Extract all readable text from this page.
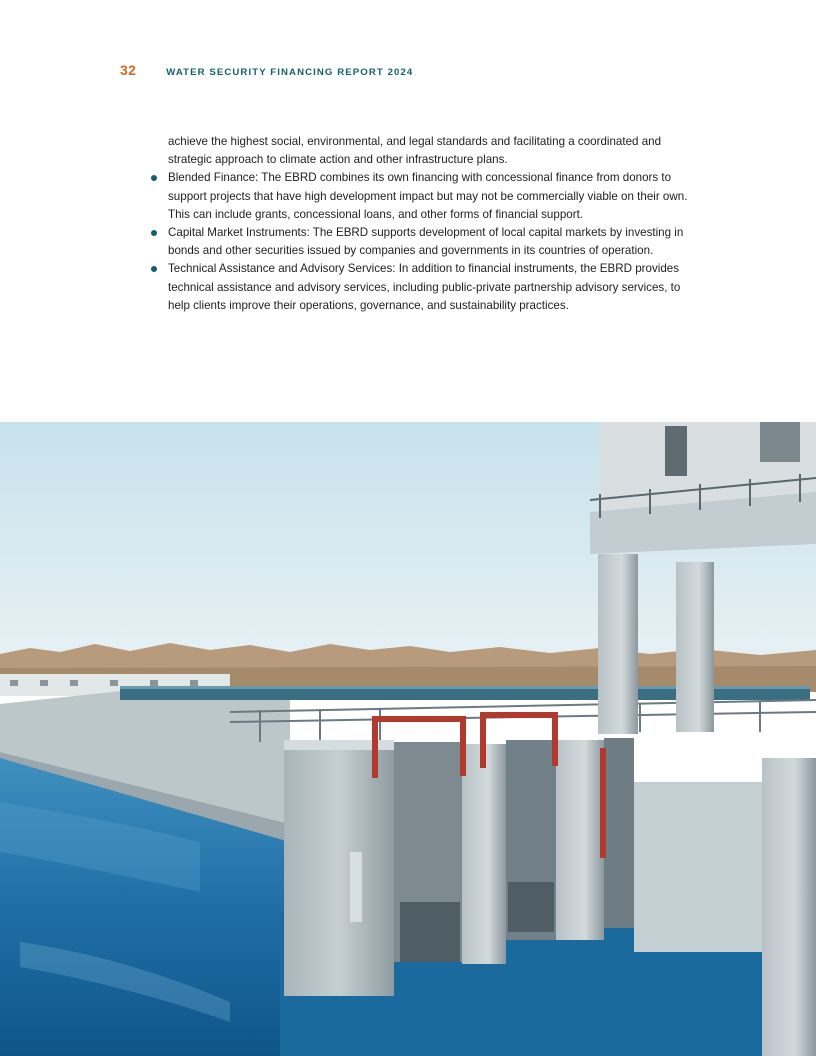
32	WATER SECURITY FINANCING REPORT 2024

achieve the highest social, environmental, and legal standards and facilitating a coordinated and strategic approach to climate action and other infrastructure plans.

Blended Finance: The EBRD combines its own financing with concessional finance from donors to support projects that have high development impact but may not be commercially viable on their own. This can include grants, concessional loans, and other forms of financial support.
Capital Market Instruments: The EBRD supports development of local capital markets by investing in bonds and other securities issued by companies and governments in its countries of operation.
Technical Assistance and Advisory Services: In addition to financial instruments, the EBRD provides technical assistance and advisory services, including public-private partnership advisory services, to help clients improve their operations, governance, and sustainability practices.
